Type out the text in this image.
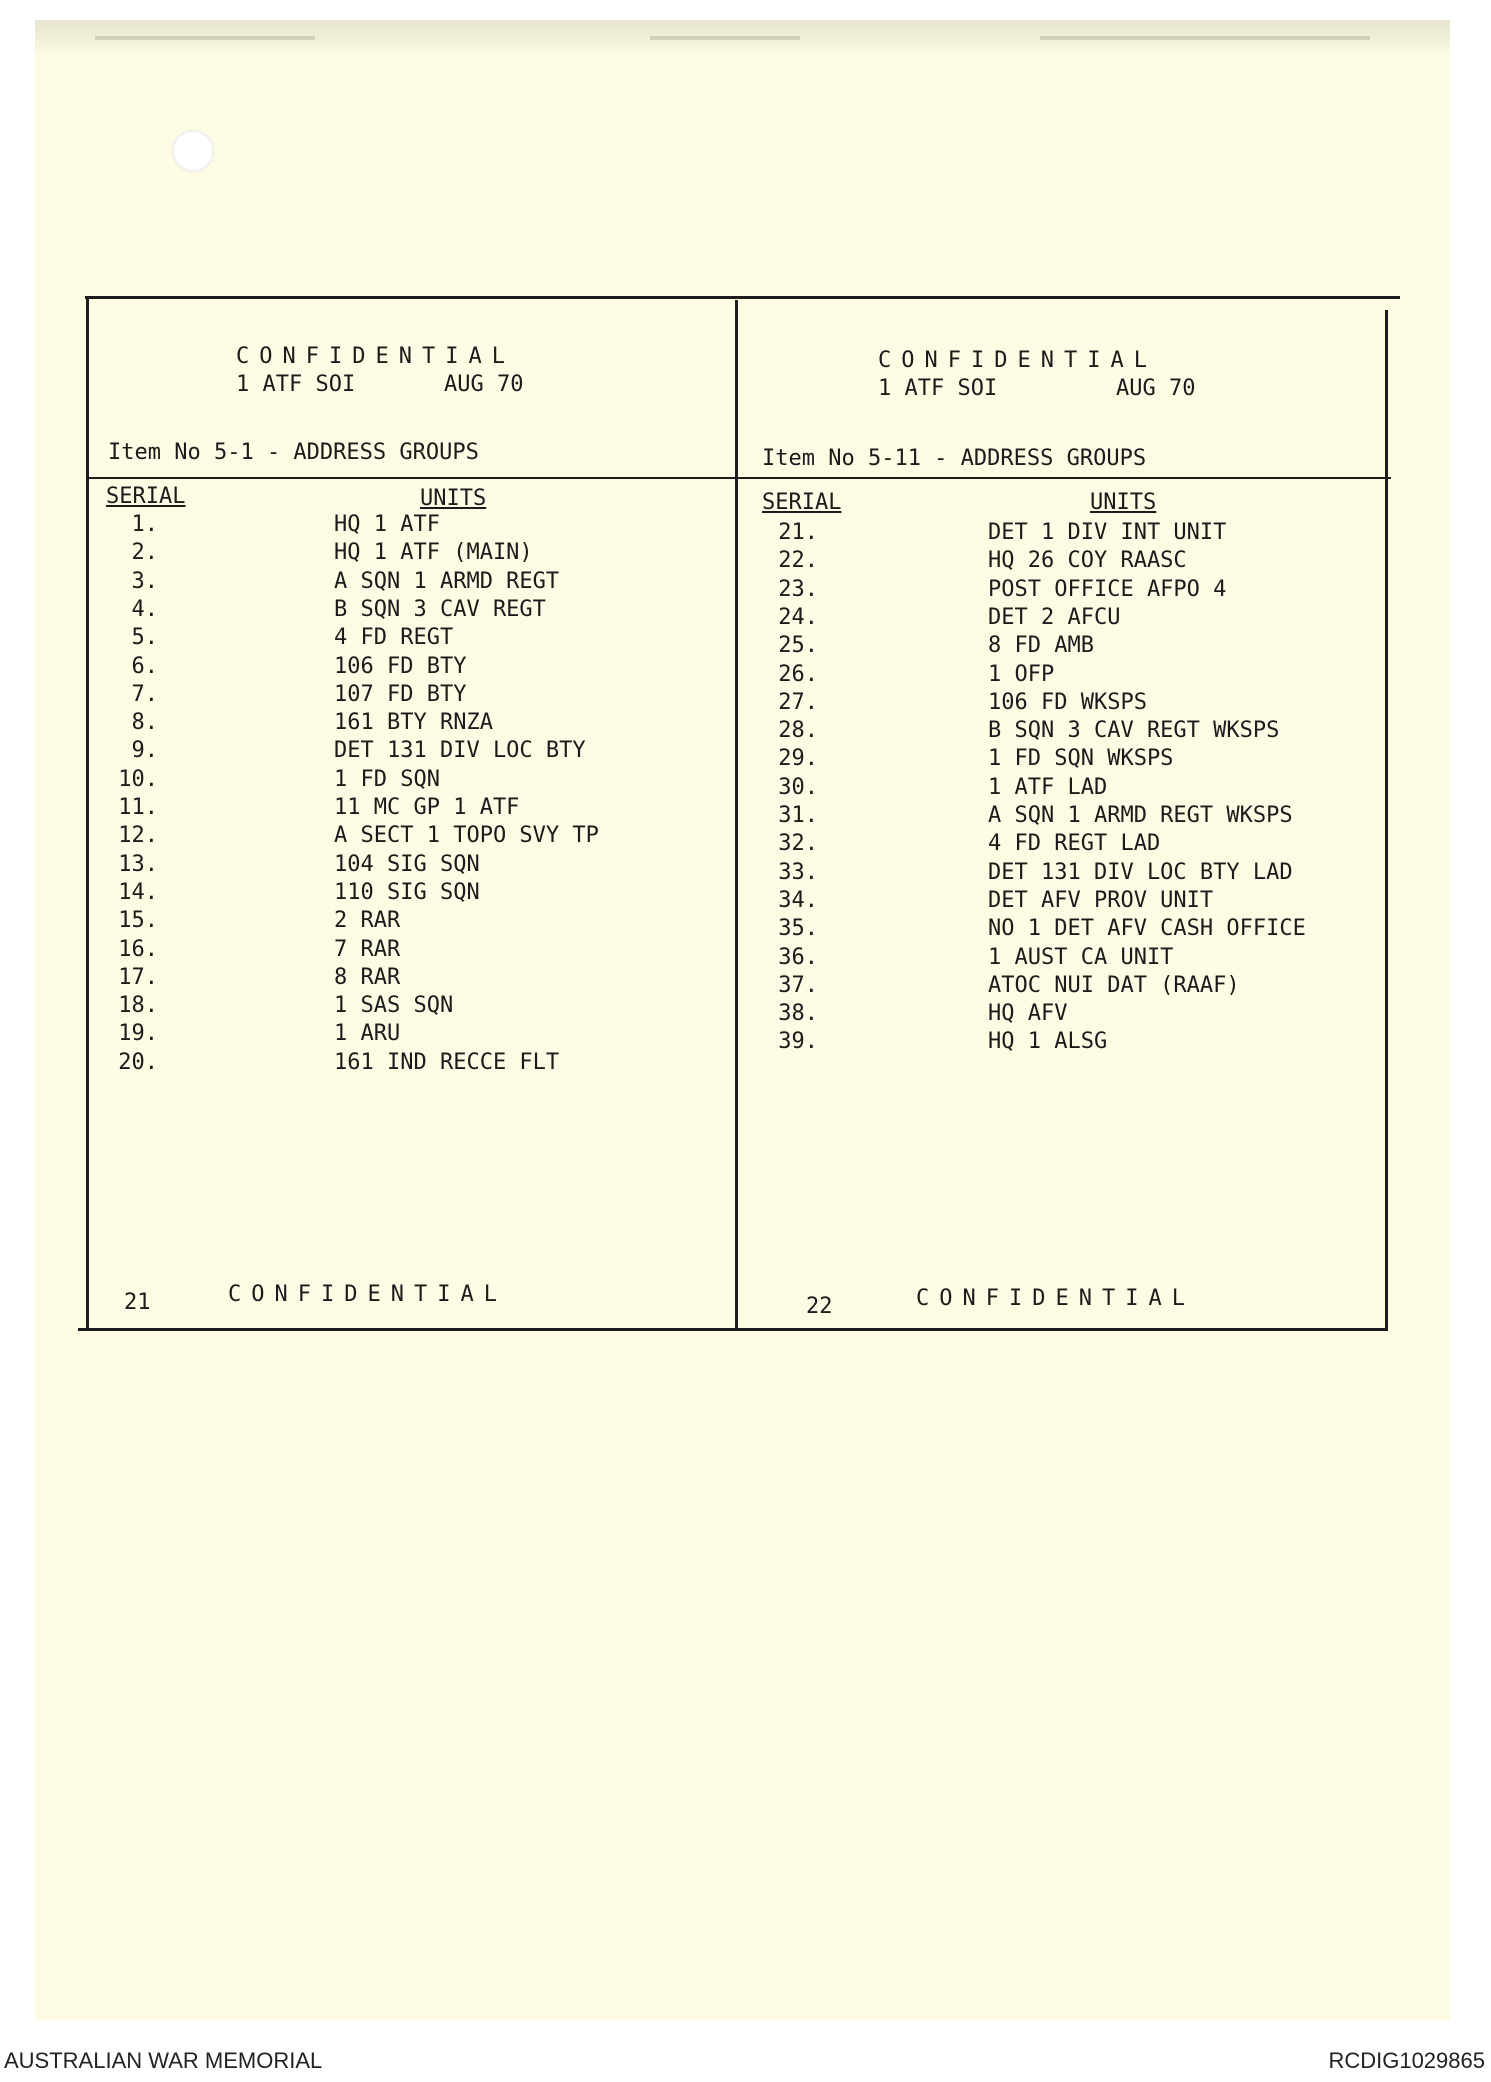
CONFIDENTIAL
1 ATF SOI	AUG 70
Item No 5-1 - ADDRESS GROUPS
SERIAL	UNITS
1.	HQ 1 ATF
2.	HQ 1 ATF (MAIN)
3.	A SQN 1 ARMD REGT
4.	B SQN 3 CAV REGT
5.	4 FD REGT
6.	106 FD BTY
7.	107 FD BTY
8.	161 BTY RNZA
9.	DET 131 DIV LOC BTY
10.	1 FD SQN
11.	11 MC GP 1 ATF
12.	A SECT 1 TOPO SVY TP
13.	104 SIG SQN
14.	110 SIG SQN
15.	2 RAR
16.	7 RAR
17.	8 RAR
18.	1 SAS SQN
19.	1 ARU
20.	161 IND RECCE FLT
21	CONFIDENTIAL
CONFIDENTIAL
1 ATF SOI	AUG 70
Item No 5-11 - ADDRESS GROUPS
SERIAL	UNITS
21.	DET 1 DIV INT UNIT
22.	HQ 26 COY RAASC
23.	POST OFFICE AFPO 4
24.	DET 2 AFCU
25.	8 FD AMB
26.	1 OFP
27.	106 FD WKSPS
28.	B SQN 3 CAV REGT WKSPS
29.	1 FD SQN WKSPS
30.	1 ATF LAD
31.	A SQN 1 ARMD REGT WKSPS
32.	4 FD REGT LAD
33.	DET 131 DIV LOC BTY LAD
34.	DET AFV PROV UNIT
35.	NO 1 DET AFV CASH OFFICE
36.	1 AUST CA UNIT
37.	ATOC NUI DAT (RAAF)
38.	HQ AFV
39.	HQ 1 ALSG
22	CONFIDENTIAL
AUSTRALIAN WAR MEMORIAL	RCDIG1029865
